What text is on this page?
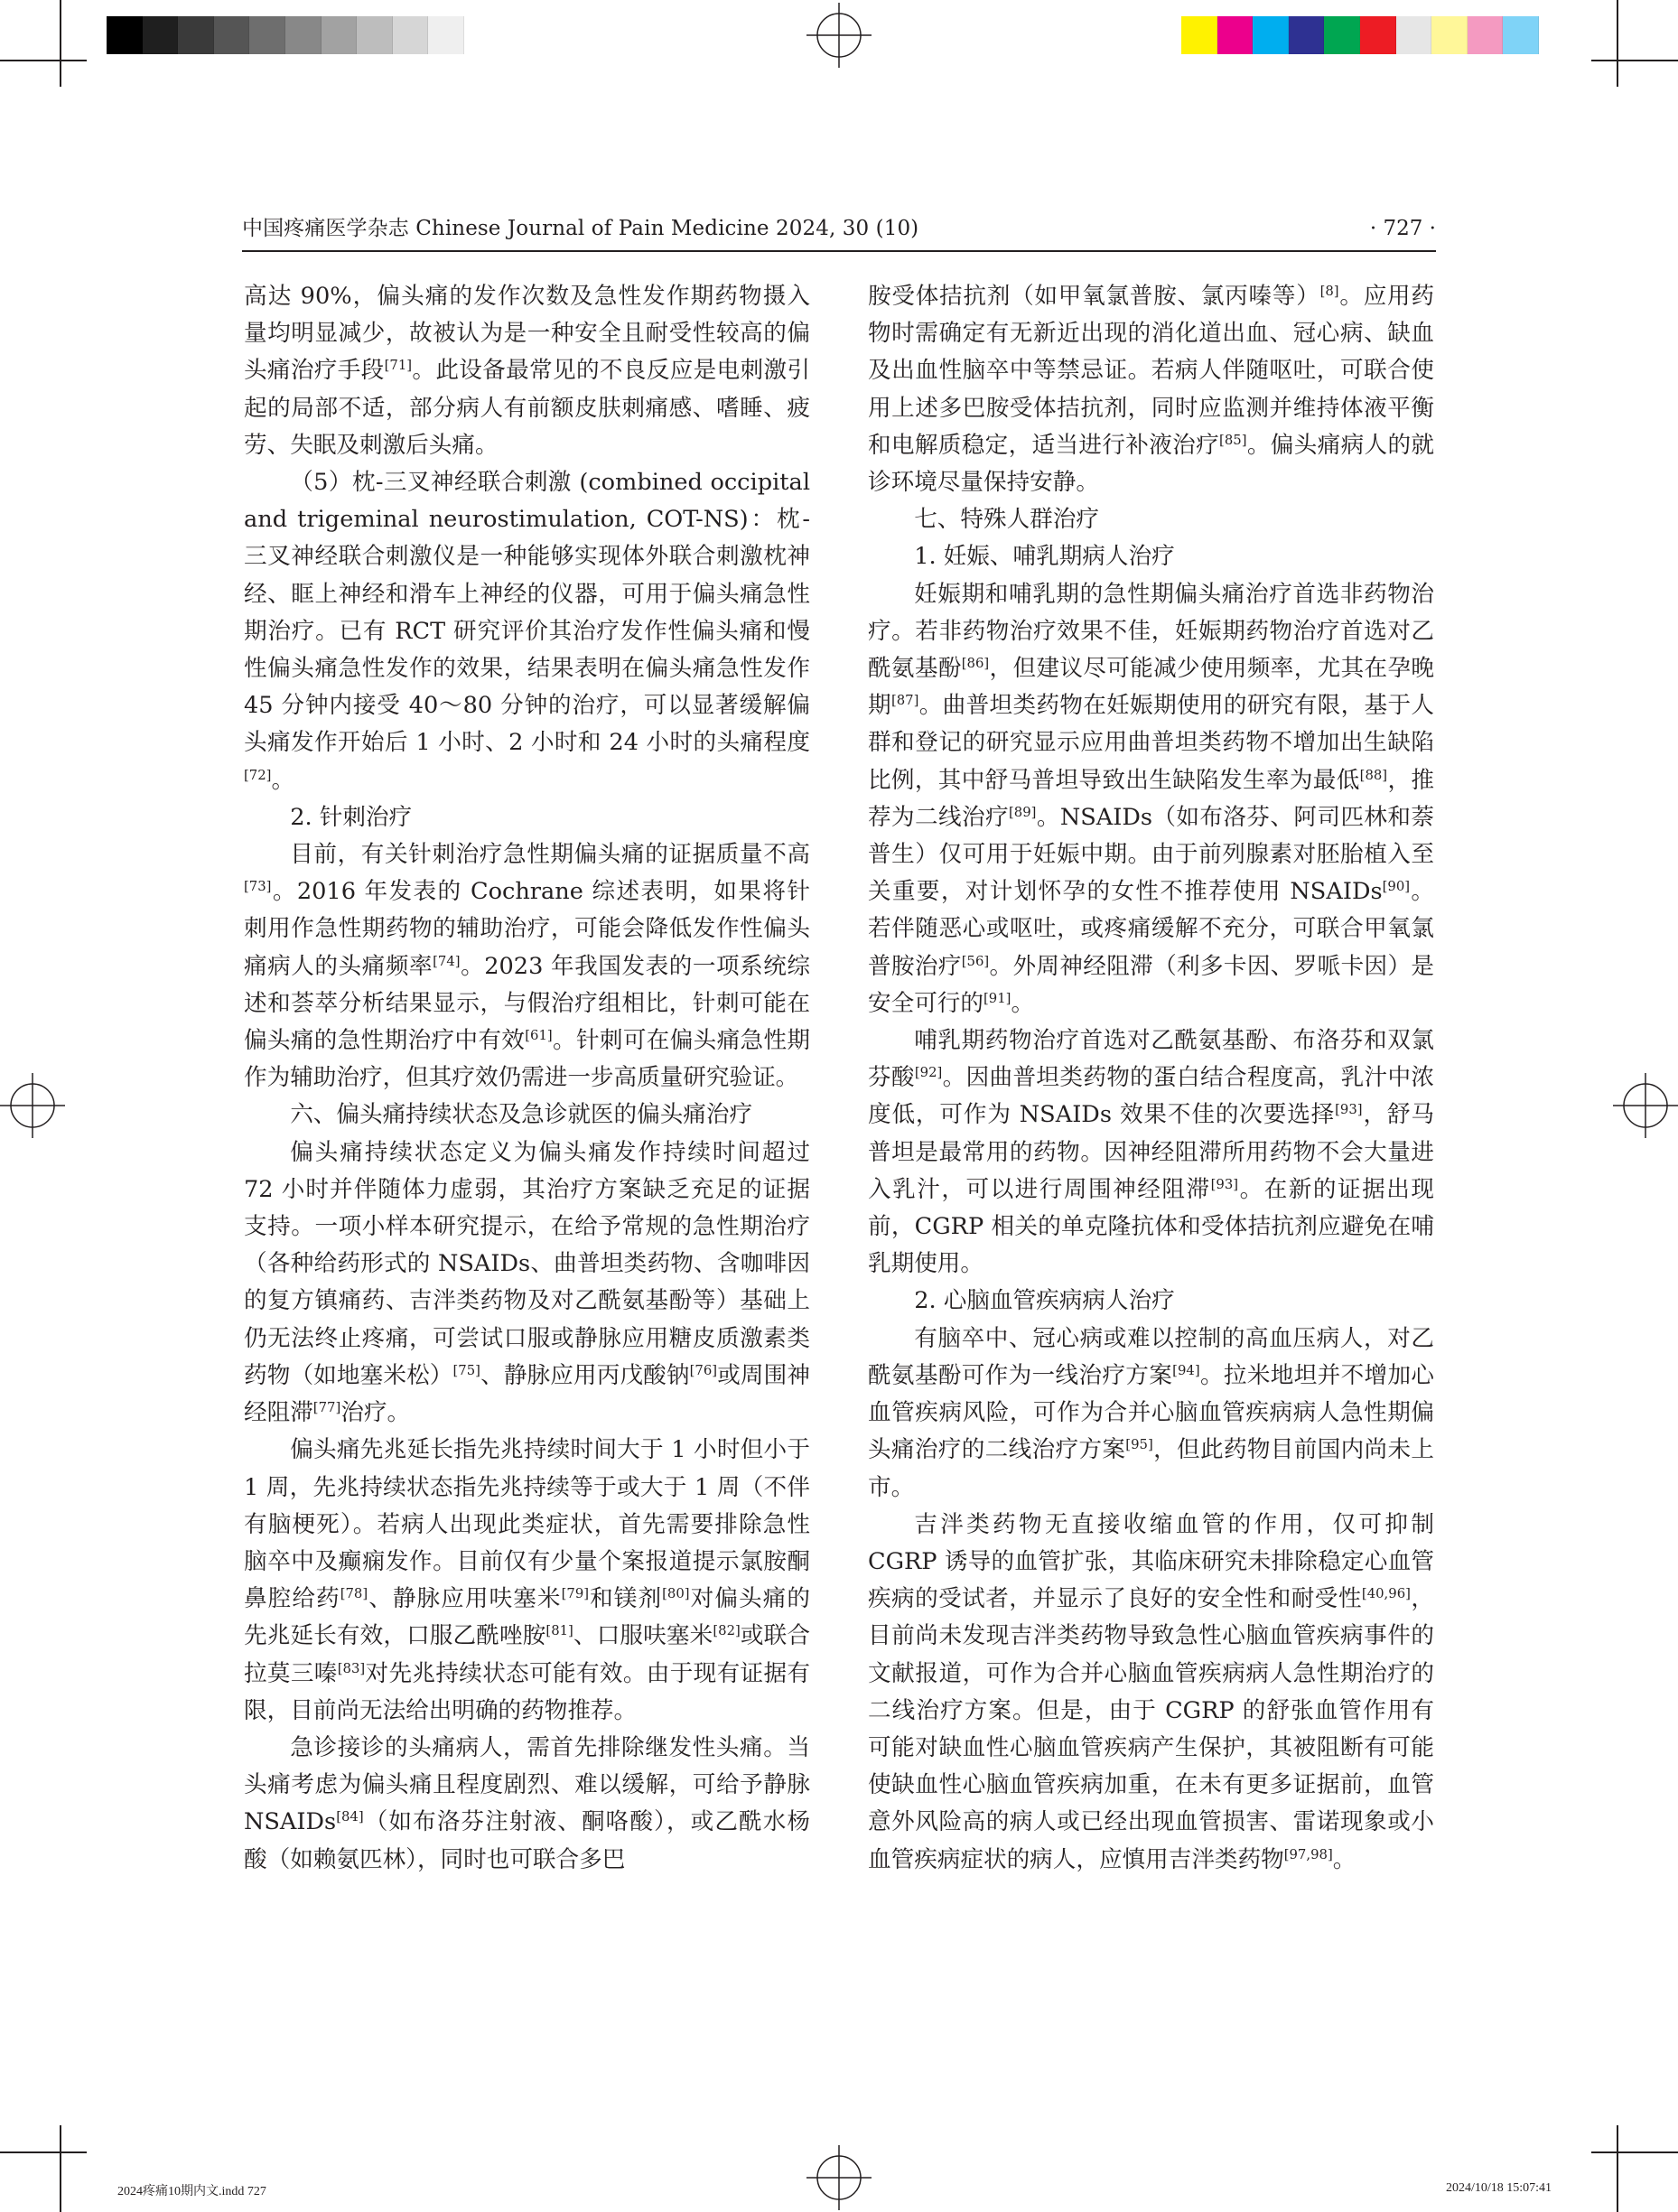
中国疼痛医学杂志 Chinese Journal of Pain Medicine 2024, 30 (10)	· 727 ·

高达 90%，偏头痛的发作次数及急性发作期药物摄入量均明显减少，故被认为是一种安全且耐受性较高的偏头痛治疗手段[71]。此设备最常见的不良反应是电刺激引起的局部不适，部分病人有前额皮肤刺痛感、嗜睡、疲劳、失眠及刺激后头痛。

（5）枕-三叉神经联合刺激 (combined occipital and trigeminal neurostimulation, COT-NS)：枕-三叉神经联合刺激仪是一种能够实现体外联合刺激枕神经、眶上神经和滑车上神经的仪器，可用于偏头痛急性期治疗。已有 RCT 研究评价其治疗发作性偏头痛和慢性偏头痛急性发作的效果，结果表明在偏头痛急性发作 45 分钟内接受 40～80 分钟的治疗，可以显著缓解偏头痛发作开始后 1 小时、2 小时和 24 小时的头痛程度[72]。

2. 针刺治疗

目前，有关针刺治疗急性期偏头痛的证据质量不高[73]。2016 年发表的 Cochrane 综述表明，如果将针刺用作急性期药物的辅助治疗，可能会降低发作性偏头痛病人的头痛频率[74]。2023 年我国发表的一项系统综述和荟萃分析结果显示，与假治疗组相比，针刺可能在偏头痛的急性期治疗中有效[61]。针刺可在偏头痛急性期作为辅助治疗，但其疗效仍需进一步高质量研究验证。

六、偏头痛持续状态及急诊就医的偏头痛治疗

偏头痛持续状态定义为偏头痛发作持续时间超过 72 小时并伴随体力虚弱，其治疗方案缺乏充足的证据支持。一项小样本研究提示，在给予常规的急性期治疗（各种给药形式的 NSAIDs、曲普坦类药物、含咖啡因的复方镇痛药、吉泮类药物及对乙酰氨基酚等）基础上仍无法终止疼痛，可尝试口服或静脉应用糖皮质激素类药物（如地塞米松）[75]、静脉应用丙戊酸钠[76]或周围神经阻滞[77]治疗。

偏头痛先兆延长指先兆持续时间大于 1 小时但小于 1 周，先兆持续状态指先兆持续等于或大于 1 周（不伴有脑梗死）。若病人出现此类症状，首先需要排除急性脑卒中及癫痫发作。目前仅有少量个案报道提示氯胺酮鼻腔给药[78]、静脉应用呋塞米[79]和镁剂[80]对偏头痛的先兆延长有效，口服乙酰唑胺[81]、口服呋塞米[82]或联合拉莫三嗪[83]对先兆持续状态可能有效。由于现有证据有限，目前尚无法给出明确的药物推荐。

急诊接诊的头痛病人，需首先排除继发性头痛。当头痛考虑为偏头痛且程度剧烈、难以缓解，可给予静脉 NSAIDs[84]（如布洛芬注射液、酮咯酸），或乙酰水杨酸（如赖氨匹林），同时也可联合多巴

胺受体拮抗剂（如甲氧氯普胺、氯丙嗪等）[8]。应用药物时需确定有无新近出现的消化道出血、冠心病、缺血及出血性脑卒中等禁忌证。若病人伴随呕吐，可联合使用上述多巴胺受体拮抗剂，同时应监测并维持体液平衡和电解质稳定，适当进行补液治疗[85]。偏头痛病人的就诊环境尽量保持安静。

七、特殊人群治疗

1. 妊娠、哺乳期病人治疗

妊娠期和哺乳期的急性期偏头痛治疗首选非药物治疗。若非药物治疗效果不佳，妊娠期药物治疗首选对乙酰氨基酚[86]，但建议尽可能减少使用频率，尤其在孕晚期[87]。曲普坦类药物在妊娠期使用的研究有限，基于人群和登记的研究显示应用曲普坦类药物不增加出生缺陷比例，其中舒马普坦导致出生缺陷发生率为最低[88]，推荐为二线治疗[89]。NSAIDs（如布洛芬、阿司匹林和萘普生）仅可用于妊娠中期。由于前列腺素对胚胎植入至关重要，对计划怀孕的女性不推荐使用 NSAIDs[90]。若伴随恶心或呕吐，或疼痛缓解不充分，可联合甲氧氯普胺治疗[56]。外周神经阻滞（利多卡因、罗哌卡因）是安全可行的[91]。

哺乳期药物治疗首选对乙酰氨基酚、布洛芬和双氯芬酸[92]。因曲普坦类药物的蛋白结合程度高，乳汁中浓度低，可作为 NSAIDs 效果不佳的次要选择[93]，舒马普坦是最常用的药物。因神经阻滞所用药物不会大量进入乳汁，可以进行周围神经阻滞[93]。在新的证据出现前，CGRP 相关的单克隆抗体和受体拮抗剂应避免在哺乳期使用。

2. 心脑血管疾病病人治疗

有脑卒中、冠心病或难以控制的高血压病人，对乙酰氨基酚可作为一线治疗方案[94]。拉米地坦并不增加心血管疾病风险，可作为合并心脑血管疾病病人急性期偏头痛治疗的二线治疗方案[95]，但此药物目前国内尚未上市。

吉泮类药物无直接收缩血管的作用，仅可抑制 CGRP 诱导的血管扩张，其临床研究未排除稳定心血管疾病的受试者，并显示了良好的安全性和耐受性[40,96]，目前尚未发现吉泮类药物导致急性心脑血管疾病事件的文献报道，可作为合并心脑血管疾病病人急性期治疗的二线治疗方案。但是，由于 CGRP 的舒张血管作用有可能对缺血性心脑血管疾病产生保护，其被阻断有可能使缺血性心脑血管疾病加重，在未有更多证据前，血管意外风险高的病人或已经出现血管损害、雷诺现象或小血管疾病症状的病人，应慎用吉泮类药物[97,98]。

2024疼痛10期内文.indd 727	2024/10/18 15:07:41
